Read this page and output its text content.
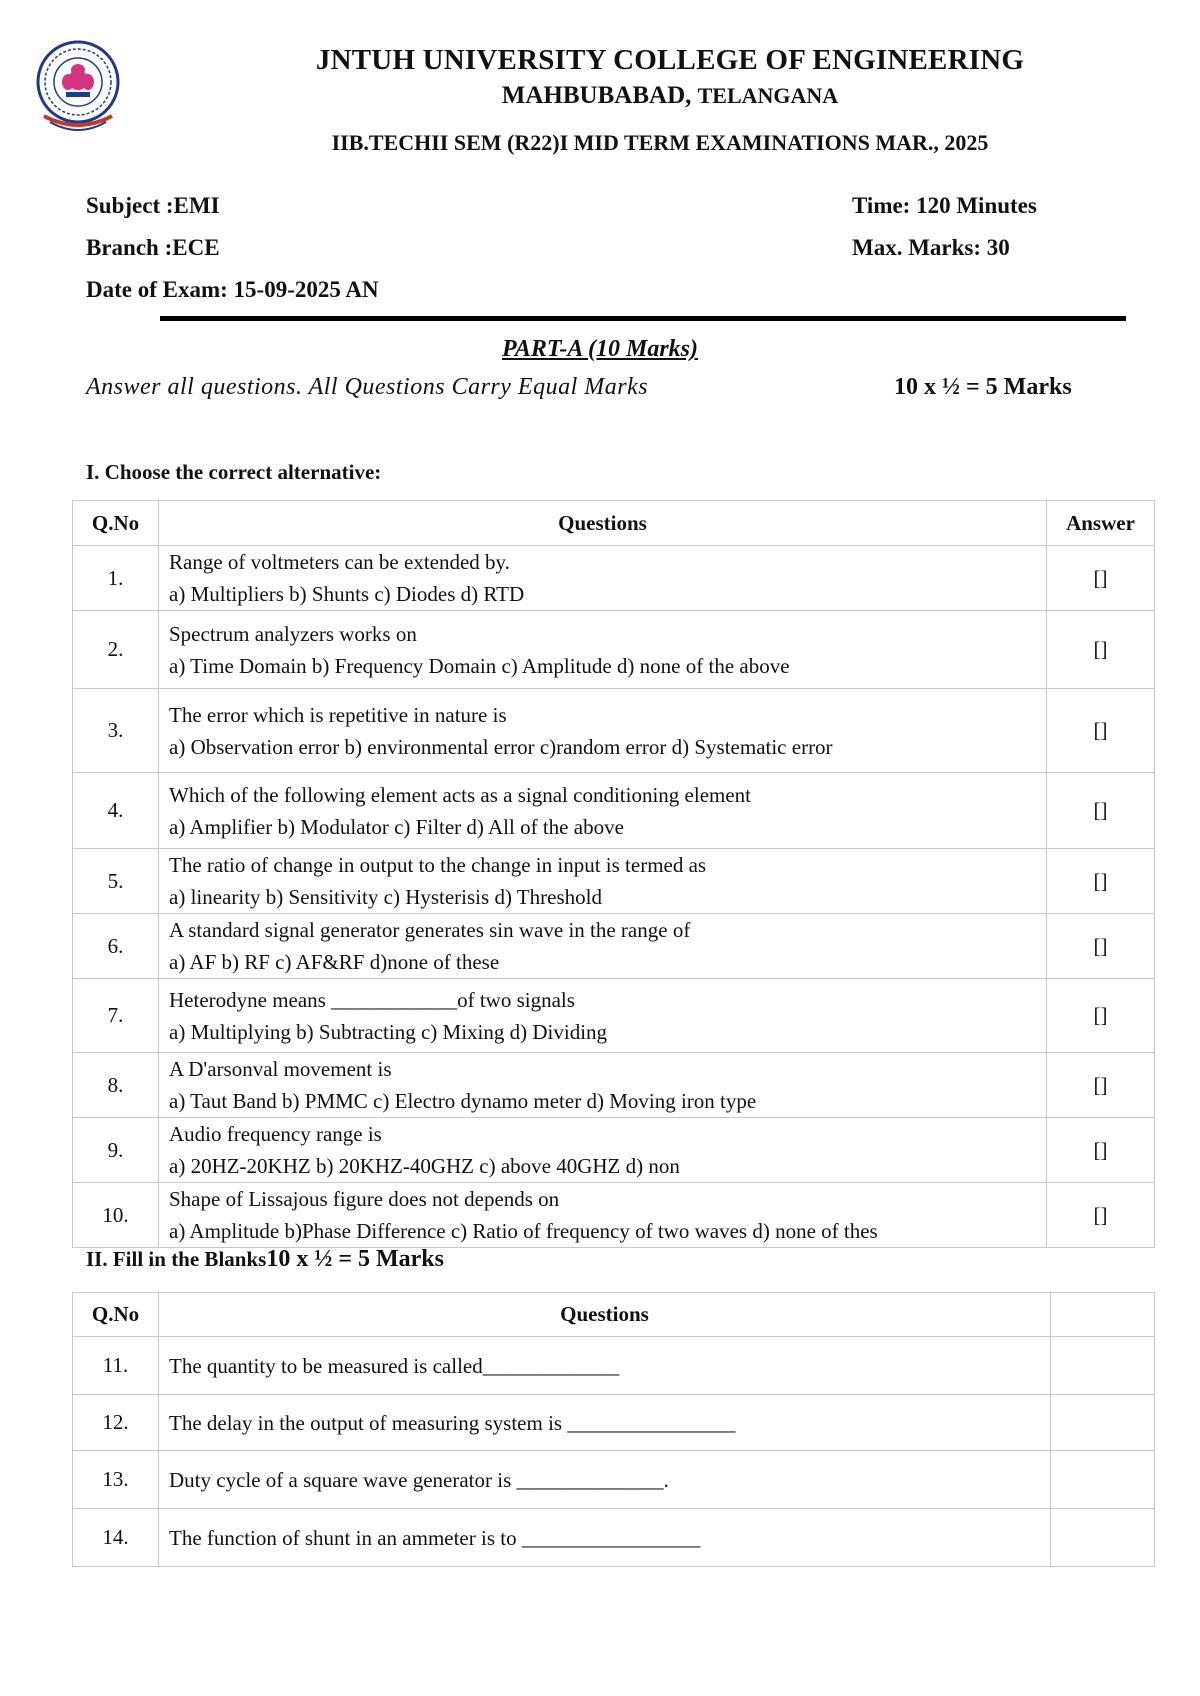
JNTUH UNIVERSITY COLLEGE OF ENGINEERING
MAHBUBABAD, TELANGANA
IIB.TECHII SEM (R22)I MID TERM EXAMINATIONS MAR., 2025
Subject :EMI
Branch :ECE
Date of Exam: 15-09-2025 AN
Time: 120 Minutes
Max. Marks: 30
PART-A (10 Marks)
Answer all questions. All Questions Carry Equal Marks	10 x ½ = 5 Marks
I. Choose the correct alternative:
Q.No	Questions	Answer
1.	Range of voltmeters can be extended by.
a) Multipliers b) Shunts c) Diodes d) RTD	[]
2.	Spectrum analyzers works on
a) Time Domain b) Frequency Domain c) Amplitude d) none of the above	[]
3.	The error which is repetitive in nature is
a) Observation error b) environmental error c)random error d) Systematic error	[]
4.	Which of the following element acts as a signal conditioning element
a) Amplifier b) Modulator c) Filter d) All of the above	[]
5.	The ratio of change in output to the change in input is termed as
a) linearity b) Sensitivity c) Hysterisis d) Threshold	[]
6.	A standard signal generator generates sin wave in the range of
a) AF b) RF c) AF&RF d)none of these	[]
7.	Heterodyne means ____________of two signals
a) Multiplying b) Subtracting c) Mixing d) Dividing	[]
8.	A D'arsonval movement is
a) Taut Band b) PMMC c) Electro dynamo meter d) Moving iron type	[]
9.	Audio frequency range is
a) 20HZ-20KHZ b) 20KHZ-40GHZ c) above 40GHZ d) non	[]
10.	Shape of Lissajous figure does not depends on
a) Amplitude b)Phase Difference c) Ratio of frequency of two waves d) none of thes	[]
II. Fill in the Blanks10 x ½ = 5 Marks
Q.No	Questions	
11.	The quantity to be measured is called_____________	
12.	The delay in the output of measuring system is ________________	
13.	Duty cycle of a square wave generator is ______________.	
14.	The function of shunt in an ammeter is to _________________	
